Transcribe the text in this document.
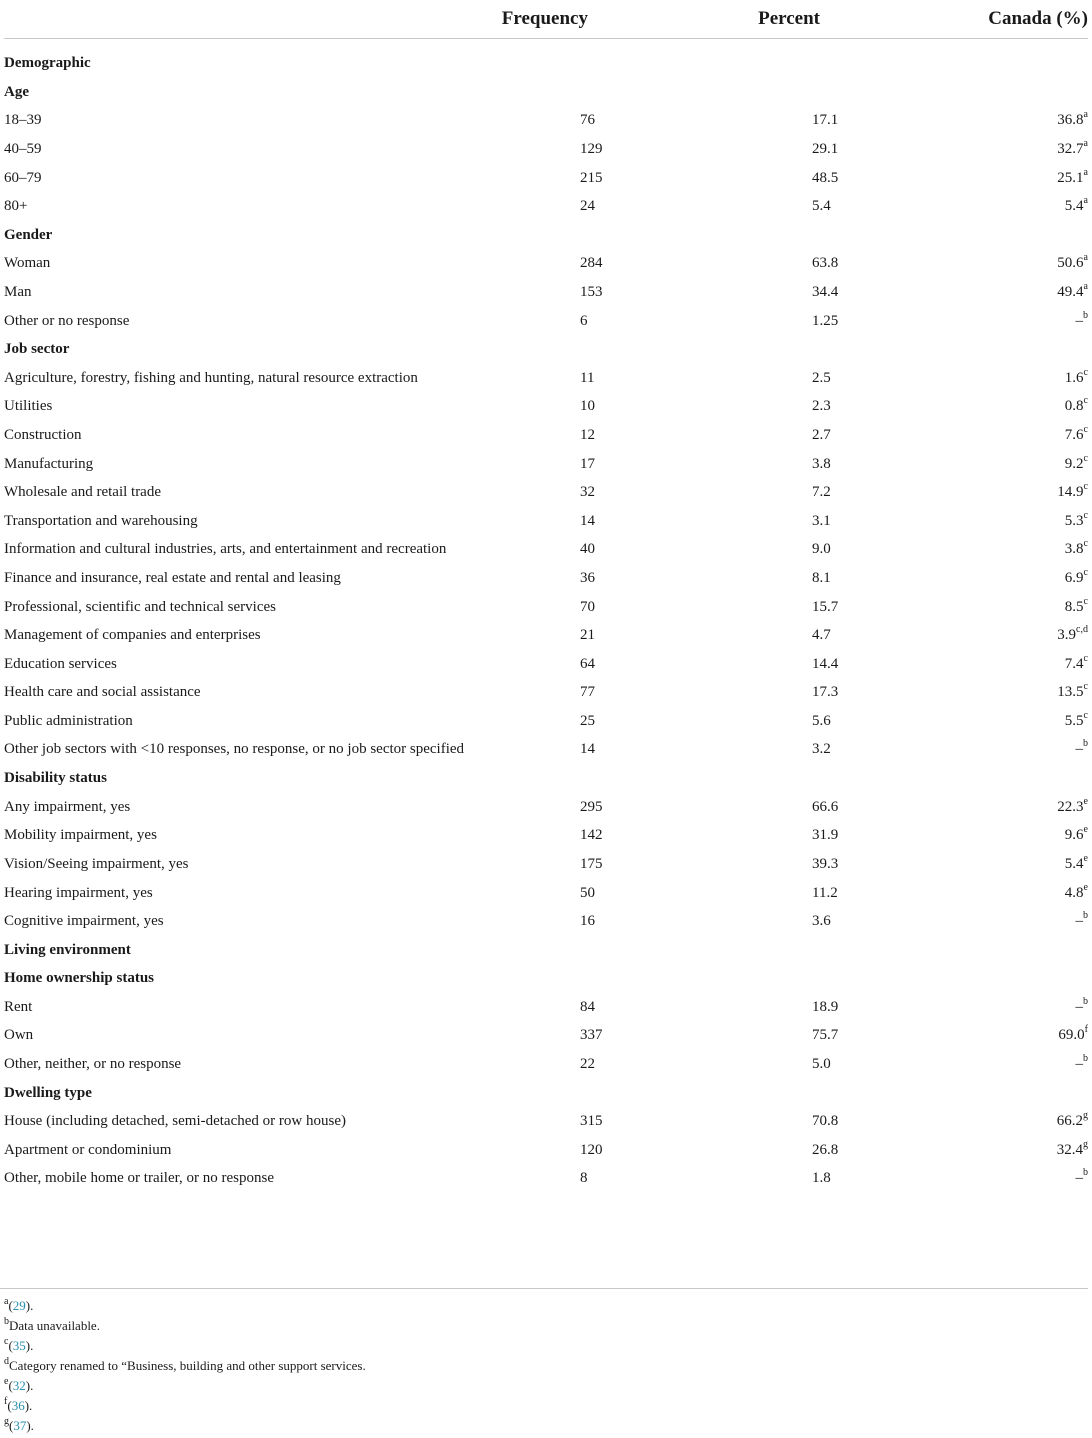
	Frequency	Percent	Canada (%)
Demographic			
Age			
18–39	76	17.1	36.8$^a$
40–59	129	29.1	32.7$^a$
60–79	215	48.5	25.1$^a$
80+	24	5.4	5.4$^a$
Gender			
Woman	284	63.8	50.6$^a$
Man	153	34.4	49.4$^a$
Other or no response	6	1.25	–$^b$
Job sector			
Agriculture, forestry, fishing and hunting, natural resource extraction	11	2.5	1.6$^c$
Utilities	10	2.3	0.8$^c$
Construction	12	2.7	7.6$^c$
Manufacturing	17	3.8	9.2$^c$
Wholesale and retail trade	32	7.2	14.9$^c$
Transportation and warehousing	14	3.1	5.3$^c$
Information and cultural industries, arts, and entertainment and recreation	40	9.0	3.8$^c$
Finance and insurance, real estate and rental and leasing	36	8.1	6.9$^c$
Professional, scientific and technical services	70	15.7	8.5$^c$
Management of companies and enterprises	21	4.7	3.9$^{c,d}$
Education services	64	14.4	7.4$^c$
Health care and social assistance	77	17.3	13.5$^c$
Public administration	25	5.6	5.5$^c$
Other job sectors with <10 responses, no response, or no job sector specified	14	3.2	–$^b$
Disability status			
Any impairment, yes	295	66.6	22.3e
Mobility impairment, yes	142	31.9	9.6e
Vision/Seeing impairment, yes	175	39.3	5.4e
Hearing impairment, yes	50	11.2	4.8e
Cognitive impairment, yes	16	3.6	–$^b$
Living environment			
Home ownership status			
Rent	84	18.9	–$^b$
Own	337	75.7	69.0$^f$
Other, neither, or no response	22	5.0	–$^b$
Dwelling type			
House (including detached, semi-detached or row house)	315	70.8	66.2$^g$
Apartment or condominium	120	26.8	32.4$^g$
Other, mobile home or trailer, or no response	8	1.8	–$^b$
$^a$(29).
$^b$Data unavailable.
$^c$(35).
$^d$Category renamed to “Business, building and other support services.
$^e$(32).
$^f$(36).
$^g$(37).
